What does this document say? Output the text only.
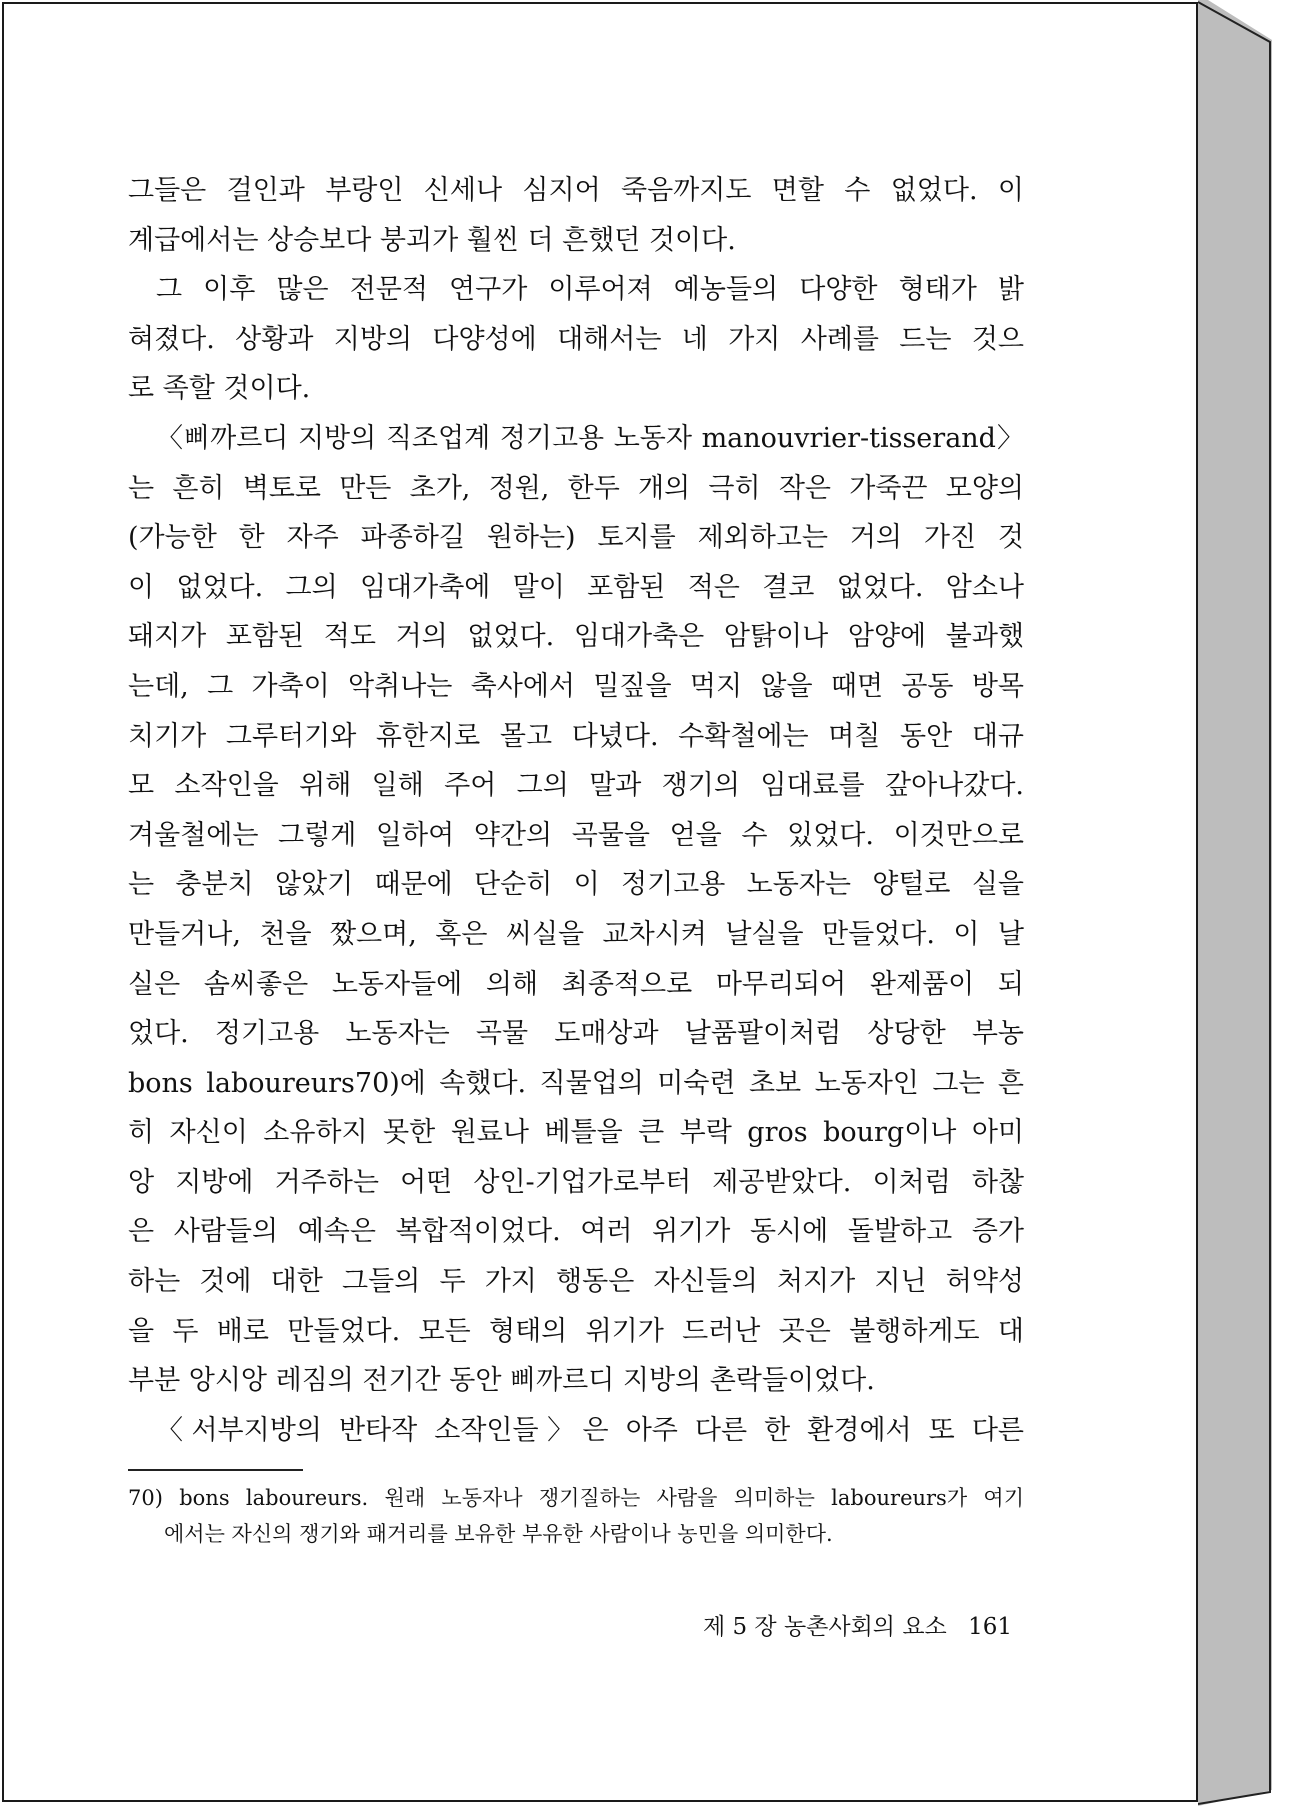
그들은 걸인과 부랑인 신세나 심지어 죽음까지도 면할 수 없었다. 이
계급에서는 상승보다 붕괴가 훨씬 더 흔했던 것이다.
그 이후 많은 전문적 연구가 이루어져 예농들의 다양한 형태가 밝
혀졌다. 상황과 지방의 다양성에 대해서는 네 가지 사례를 드는 것으
로 족할 것이다.
〈삐까르디 지방의 직조업계 정기고용 노동자 manouvrier-tisserand〉
는 흔히 벽토로 만든 초가, 정원, 한두 개의 극히 작은 가죽끈 모양의
(가능한 한 자주 파종하길 원하는) 토지를 제외하고는 거의 가진 것
이 없었다. 그의 임대가축에 말이 포함된 적은 결코 없었다. 암소나
돼지가 포함된 적도 거의 없었다. 임대가축은 암탉이나 암양에 불과했
는데, 그 가축이 악취나는 축사에서 밀짚을 먹지 않을 때면 공동 방목
치기가 그루터기와 휴한지로 몰고 다녔다. 수확철에는 며칠 동안 대규
모 소작인을 위해 일해 주어 그의 말과 쟁기의 임대료를 갚아나갔다.
겨울철에는 그렇게 일하여 약간의 곡물을 얻을 수 있었다. 이것만으로
는 충분치 않았기 때문에 단순히 이 정기고용 노동자는 양털로 실을
만들거나, 천을 짰으며, 혹은 씨실을 교차시켜 날실을 만들었다. 이 날
실은 솜씨좋은 노동자들에 의해 최종적으로 마무리되어 완제품이 되
었다. 정기고용 노동자는 곡물 도매상과 날품팔이처럼 상당한 부농
bons laboureurs70)에 속했다. 직물업의 미숙련 초보 노동자인 그는 흔
히 자신이 소유하지 못한 원료나 베틀을 큰 부락 gros bourg이나 아미
앙 지방에 거주하는 어떤 상인-기업가로부터 제공받았다. 이처럼 하찮
은 사람들의 예속은 복합적이었다. 여러 위기가 동시에 돌발하고 증가
하는 것에 대한 그들의 두 가지 행동은 자신들의 처지가 지닌 허약성
을 두 배로 만들었다. 모든 형태의 위기가 드러난 곳은 불행하게도 대
부분 앙시앙 레짐의 전기간 동안 삐까르디 지방의 촌락들이었다.
〈서부지방의 반타작 소작인들〉은 아주 다른 한 환경에서 또 다른
70) bons laboureurs. 원래 노동자나 쟁기질하는 사람을 의미하는 laboureurs가 여기
에서는 자신의 쟁기와 패거리를 보유한 부유한 사람이나 농민을 의미한다.
제 5 장 농촌사회의 요소 161
